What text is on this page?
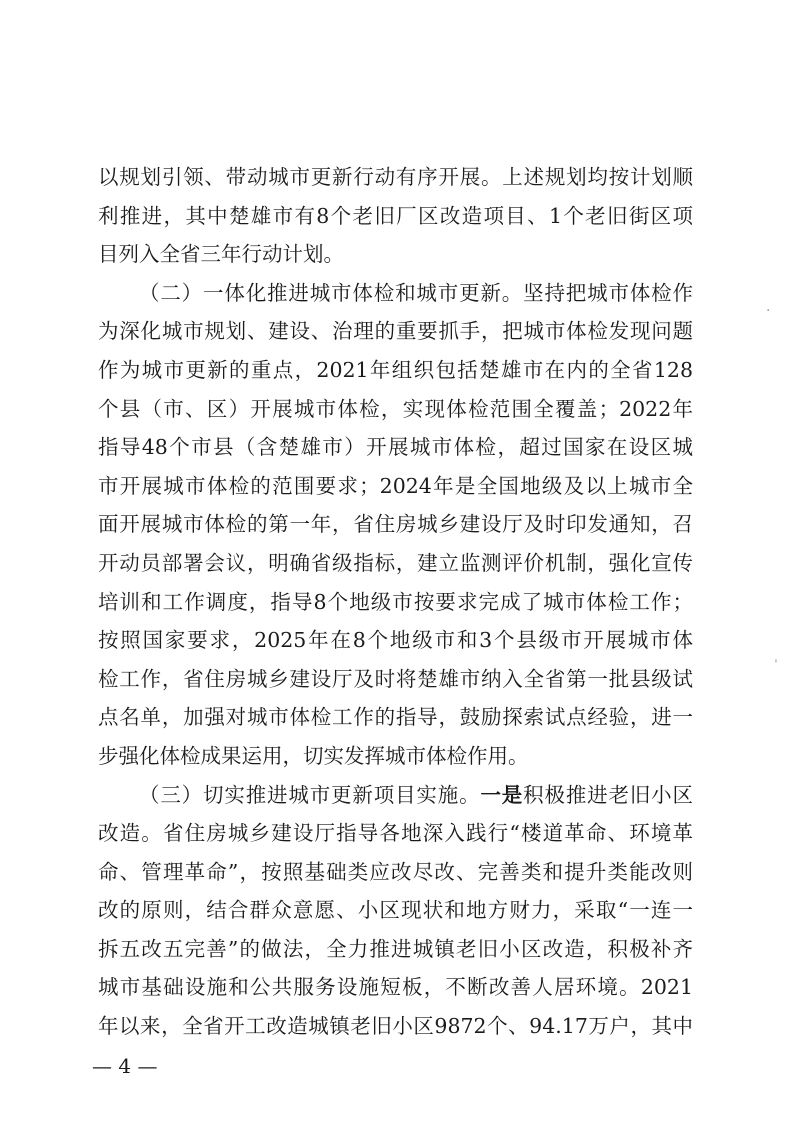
以规划引领、带动城市更新行动有序开展。上述规划均按计划顺
利推进，其中楚雄市有8个老旧厂区改造项目、1个老旧街区项
目列入全省三年行动计划。
（二）一体化推进城市体检和城市更新。坚持把城市体检作
为深化城市规划、建设、治理的重要抓手，把城市体检发现问题
作为城市更新的重点，2021年组织包括楚雄市在内的全省128
个县（市、区）开展城市体检，实现体检范围全覆盖；2022年
指导48个市县（含楚雄市）开展城市体检，超过国家在设区城
市开展城市体检的范围要求；2024年是全国地级及以上城市全
面开展城市体检的第一年，省住房城乡建设厅及时印发通知，召
开动员部署会议，明确省级指标，建立监测评价机制，强化宣传
培训和工作调度，指导8个地级市按要求完成了城市体检工作；
按照国家要求，2025年在8个地级市和3个县级市开展城市体
检工作，省住房城乡建设厅及时将楚雄市纳入全省第一批县级试
点名单，加强对城市体检工作的指导，鼓励探索试点经验，进一
步强化体检成果运用，切实发挥城市体检作用。
（三）切实推进城市更新项目实施。一是积极推进老旧小区
改造。省住房城乡建设厅指导各地深入践行“楼道革命、环境革
命、管理革命”，按照基础类应改尽改、完善类和提升类能改则
改的原则，结合群众意愿、小区现状和地方财力，采取“一连一
拆五改五完善”的做法，全力推进城镇老旧小区改造，积极补齐
城市基础设施和公共服务设施短板，不断改善人居环境。2021
年以来，全省开工改造城镇老旧小区9872个、94.17万户，其中
— 4 —
·
ˌ
